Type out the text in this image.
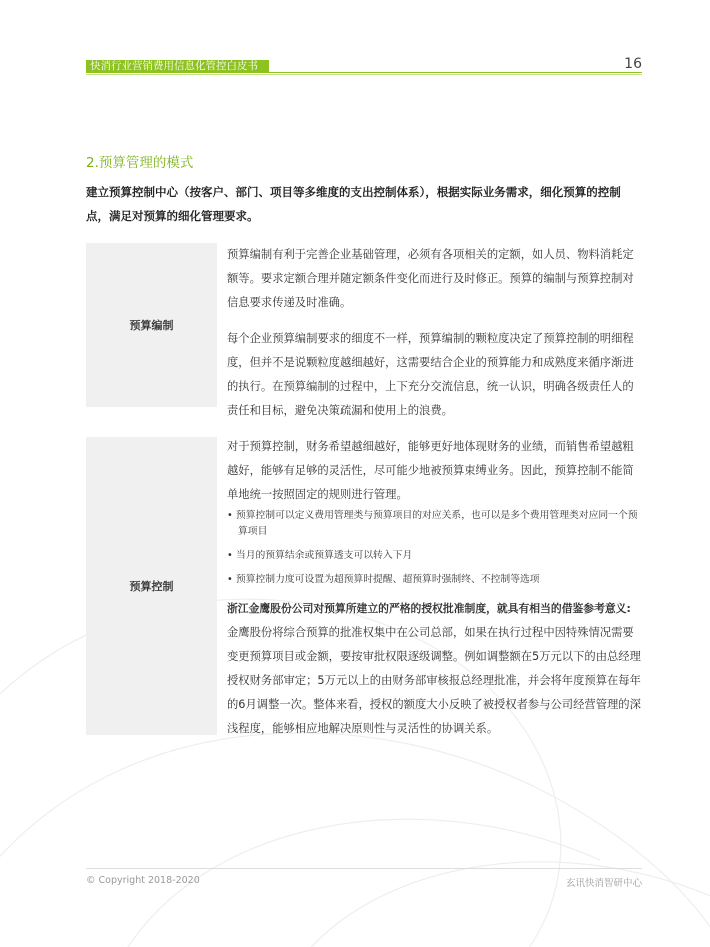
快消行业营销费用信息化管控白皮书	16
2.预算管理的模式
建立预算控制中心（按客户、部门、项目等多维度的支出控制体系），根据实际业务需求，细化预算的控制点，满足对预算的细化管理要求。
预算编制

预算编制有利于完善企业基础管理，必须有各项相关的定额，如人员、物料消耗定额等。要求定额合理并随定额条件变化而进行及时修正。预算的编制与预算控制对信息要求传递及时准确。

每个企业预算编制要求的细度不一样，预算编制的颗粒度决定了预算控制的明细程度，但并不是说颗粒度越细越好，这需要结合企业的预算能力和成熟度来循序渐进的执行。在预算编制的过程中，上下充分交流信息，统一认识，明确各级责任人的责任和目标，避免决策疏漏和使用上的浪费。

预算控制

对于预算控制，财务希望越细越好，能够更好地体现财务的业绩，而销售希望越粗越好，能够有足够的灵活性，尽可能少地被预算束缚业务。因此，预算控制不能简单地统一按照固定的规则进行管理。

• 预算控制可以定义费用管理类与预算项目的对应关系，也可以是多个费用管理类对应同一个预算项目

• 当月的预算结余或预算透支可以转入下月

• 预算控制力度可设置为超预算时提醒、超预算时强制终、不控制等选项

浙江金鹰股份公司对预算所建立的严格的授权批准制度，就具有相当的借鉴参考意义:

金鹰股份将综合预算的批准权集中在公司总部，如果在执行过程中因特殊情况需要变更预算项目或金额，要按审批权限逐级调整。例如调整额在5万元以下的由总经理授权财务部审定；5万元以上的由财务部审核报总经理批准，并会将年度预算在每年的6月调整一次。整体来看，授权的额度大小反映了被授权者参与公司经营管理的深浅程度，能够相应地解决原则性与灵活性的协调关系。

© Copyright 2018-2020	玄讯快消智研中心
